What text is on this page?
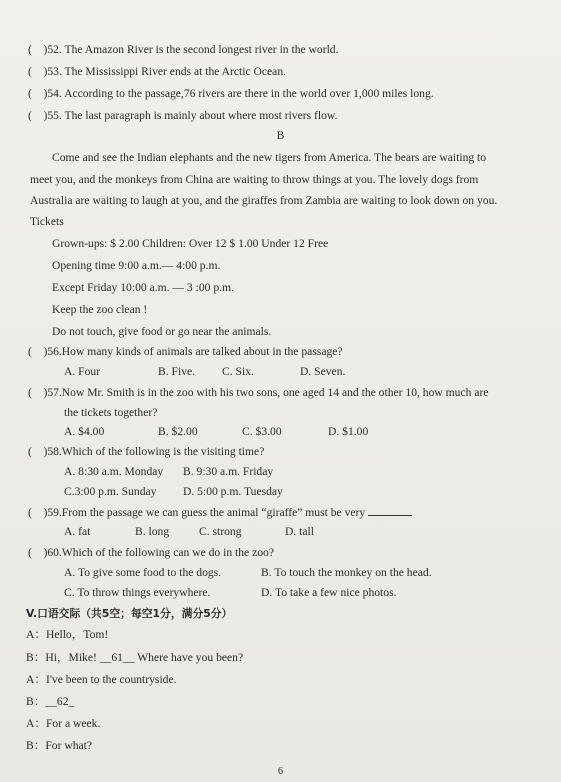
(　)52. The Amazon River is the second longest river in the world.
(　)53. The Mississippi River ends at the Arctic Ocean.
(　)54. According to the passage,76 rivers are there in the world over 1,000 miles long.
(　)55. The last paragraph is mainly about where most rivers flow.
B
Come and see the Indian elephants and the new tigers from America. The bears are waiting to
meet you, and the monkeys from China are waiting to throw things at you. The lovely dogs from
Australia are waiting to laugh at you, and the giraffes from Zambia are waiting to look down on you.
Tickets
Grown-ups: $ 2.00 Children: Over 12 $ 1.00 Under 12 Free
Opening time 9:00 a.m.— 4:00 p.m.
Except Friday 10:00 a.m. — 3 :00 p.m.
Keep the zoo clean !
Do not touch, give food or go near the animals.
(　)56.How many kinds of animals are talked about in the passage?
A. Four	B. Five. C. Six.	D. Seven.
(　)57.Now Mr. Smith is in the zoo with his two sons, one aged 14 and the other 10, how much are
the tickets together?
A. $4.00	B. $2.00	C. $3.00	D. $1.00
(　)58.Which of the following is the visiting time?
A. 8:30 a.m. Monday B. 9:30 a.m. Friday
C.3:00 p.m. Sunday D. 5:00 p.m. Tuesday
(　)59.From the passage we can guess the animal “giraffe” must be very
A. fat	B. long	C. strong	D. tall
(　)60.Which of the following can we do in the zoo?
A. To give some food to the dogs.	B. To touch the monkey on the head.
C. To throw things everywhere.	D. To take a few nice photos.
V.口语交际（共5空；每空1分，满分5分）
A：Hello，Tom!
B：Hi，Mike! __61__ Where have you been?
A：I've been to the countryside.
B：__62_
A：For a week.
B：For what?
6
